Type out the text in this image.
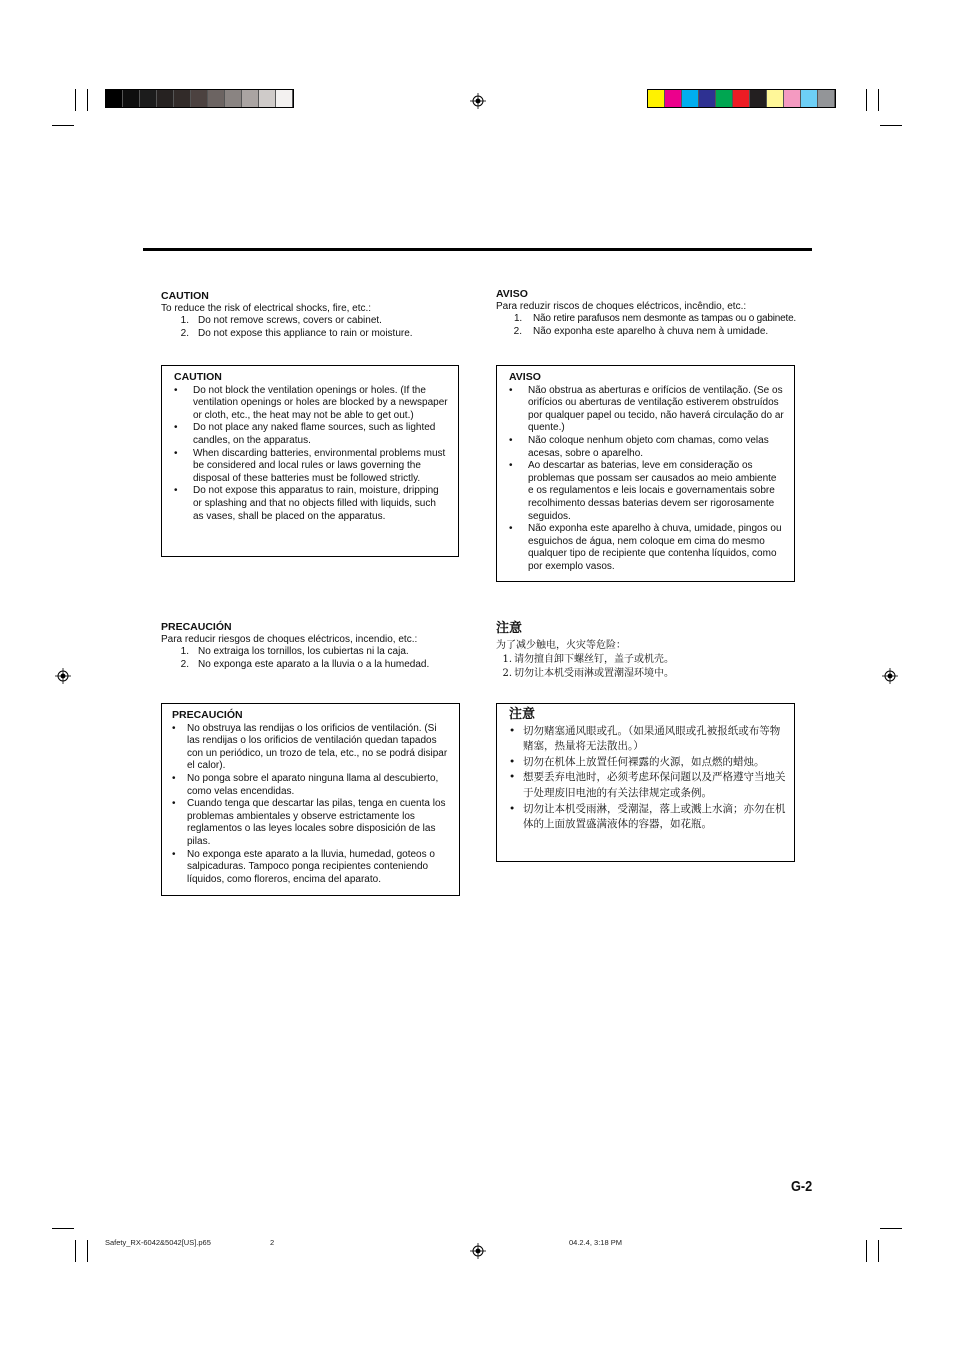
CAUTION
To reduce the risk of electrical shocks, fire, etc.:
1. Do not remove screws, covers or cabinet.
2. Do not expose this appliance to rain or moisture.
CAUTION
• Do not block the ventilation openings or holes. (If the ventilation openings or holes are blocked by a newspaper or cloth, etc., the heat may not be able to get out.)
• Do not place any naked flame sources, such as lighted candles, on the apparatus.
• When discarding batteries, environmental problems must be considered and local rules or laws governing the disposal of these batteries must be followed strictly.
• Do not expose this apparatus to rain, moisture, dripping or splashing and that no objects filled with liquids, such as vases, shall be placed on the apparatus.
AVISO
Para reduzir riscos de choques eléctricos, incêndio, etc.:
1. Não retire parafusos nem desmonte as tampas ou o gabinete.
2. Não exponha este aparelho à chuva nem à umidade.
AVISO
• Não obstrua as aberturas e orifícios de ventilação. (Se os orifícios ou aberturas de ventilação estiverem obstruídos por qualquer papel ou tecido, não haverá circulação do ar quente.)
• Não coloque nenhum objeto com chamas, como velas acesas, sobre o aparelho.
• Ao descartar as baterias, leve em consideração os problemas que possam ser causados ao meio ambiente e os regulamentos e leis locais e governamentais sobre recolhimento dessas baterias devem ser rigorosamente seguidos.
• Não exponha este aparelho à chuva, umidade, pingos ou esguichos de água, nem coloque em cima do mesmo qualquer tipo de recipiente que contenha líquidos, como por exemplo vasos.
PRECAUCIÓN
Para reducir riesgos de choques eléctricos, incendio, etc.:
1. No extraiga los tornillos, los cubiertas ni la caja.
2. No exponga este aparato a la lluvia o a la humedad.
PRECAUCIÓN
• No obstruya las rendijas o los orificios de ventilación. (Si las rendijas o los orificios de ventilación quedan tapados con un periódico, un trozo de tela, etc., no se podrá disipar el calor).
• No ponga sobre el aparato ninguna llama al descubierto, como velas encendidas.
• Cuando tenga que descartar las pilas, tenga en cuenta los problemas ambientales y observe estrictamente los reglamentos o las leyes locales sobre disposición de las pilas.
• No exponga este aparato a la lluvia, humedad, goteos o salpicaduras. Tampoco ponga recipientes conteniendo líquidos, como floreros, encima del aparato.
注意
为了减少触电，火灾等危险：
1. 请勿擅自卸下螺丝钉，盖子或机壳。
2. 切勿让本机受雨淋或置潮湿环境中。
注意
• 切勿赌塞通风眼或孔。（如果通风眼或孔被报纸或布等物赌塞，热量将无法散出。）
• 切勿在机体上放置任何裸露的火源，如点燃的蜡烛。
• 想要丢弃电池时，必须考虑环保问题以及严格遵守当地关于处理废旧电池的有关法律规定或条例。
• 切勿让本机受雨淋，受潮湿，落上或溅上水滴；亦勿在机体的上面放置盛满液体的容器，如花瓶。
G-2
Safety_RX-6042&5042[US].p65	2	04.2.4, 3:18 PM
